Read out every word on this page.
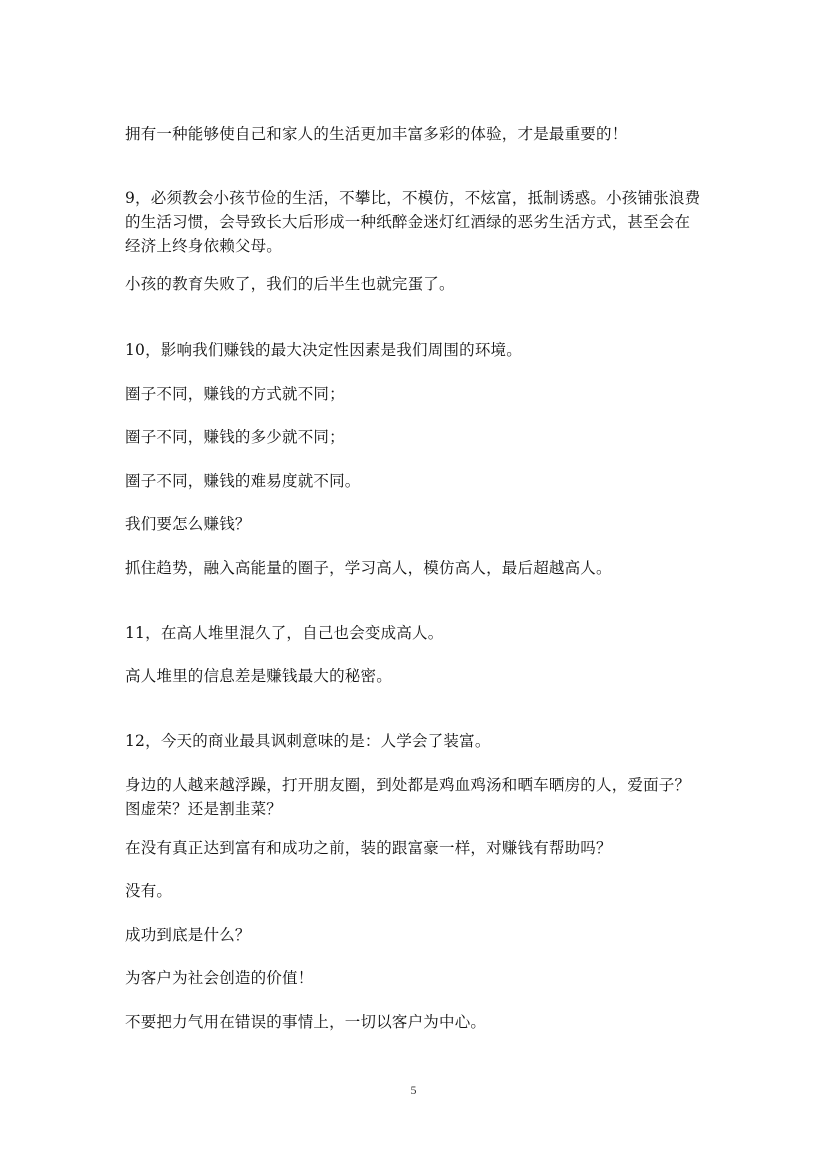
拥有一种能够使自己和家人的生活更加丰富多彩的体验，才是最重要的！

9，必须教会小孩节俭的生活，不攀比，不模仿，不炫富，抵制诱惑。小孩铺张浪费的生活习惯，会导致长大后形成一种纸醉金迷灯红酒绿的恶劣生活方式，甚至会在经济上终身依赖父母。

小孩的教育失败了，我们的后半生也就完蛋了。

10，影响我们赚钱的最大决定性因素是我们周围的环境。

圈子不同，赚钱的方式就不同；

圈子不同，赚钱的多少就不同；

圈子不同，赚钱的难易度就不同。

我们要怎么赚钱？

抓住趋势，融入高能量的圈子，学习高人，模仿高人，最后超越高人。

11，在高人堆里混久了，自己也会变成高人。

高人堆里的信息差是赚钱最大的秘密。

12，今天的商业最具讽刺意味的是：人学会了装富。

身边的人越来越浮躁，打开朋友圈，到处都是鸡血鸡汤和晒车晒房的人，爱面子？图虚荣？还是割韭菜？

在没有真正达到富有和成功之前，装的跟富豪一样，对赚钱有帮助吗？

没有。

成功到底是什么？

为客户为社会创造的价值！

不要把力气用在错误的事情上，一切以客户为中心。

5
